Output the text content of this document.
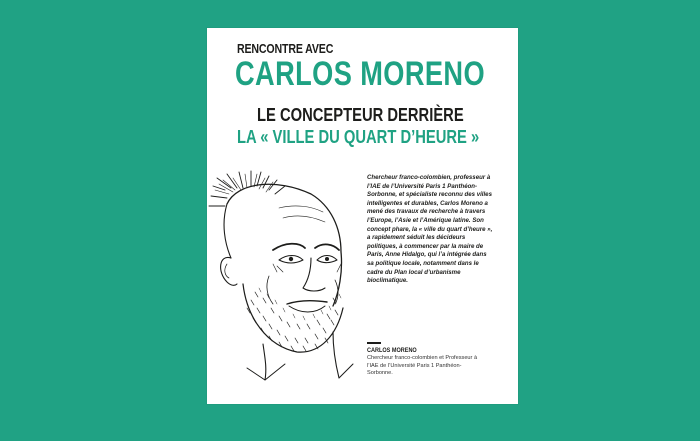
RENCONTRE AVEC
CARLOS MORENO
LE CONCEPTEUR DERRIÈRE
LA « VILLE DU QUART D’HEURE »

Chercheur franco-colombien, professeur à l’IAE de l’Université Paris 1 Panthéon-Sorbonne, et spécialiste reconnu des villes intelligentes et durables, Carlos Moreno a mené des travaux de recherche à travers l’Europe, l’Asie et l’Amérique latine. Son concept phare, la « ville du quart d’heure », a rapidement séduit les décideurs politiques, à commencer par la maire de Paris, Anne Hidalgo, qui l’a intégrée dans sa politique locale, notamment dans le cadre du Plan local d’urbanisme bioclimatique.

CARLOS MORENO
Chercheur franco-colombien et Professeur à l’IAE de l’Université Paris 1 Panthéon-Sorbonne.
